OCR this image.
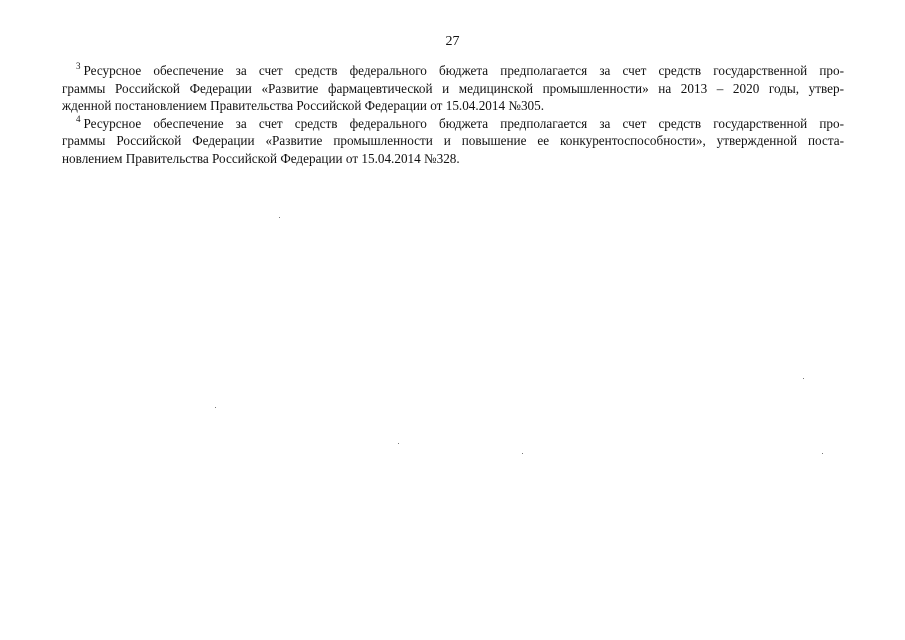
27

$^3$ Ресурсное обеспечение за счет средств федерального бюджета предполагается за счет средств государственной про-
граммы Российской Федерации «Развитие фармацевтической и медицинской промышленности» на 2013 – 2020 годы, утвер-
жденной постановлением Правительства Российской Федерации от 15.04.2014 №305.

$^4$ Ресурсное обеспечение за счет средств федерального бюджета предполагается за счет средств государственной про-
граммы Российской Федерации «Развитие промышленности и повышение ее конкурентоспособности», утвержденной поста-
новлением Правительства Российской Федерации от 15.04.2014 №328.
